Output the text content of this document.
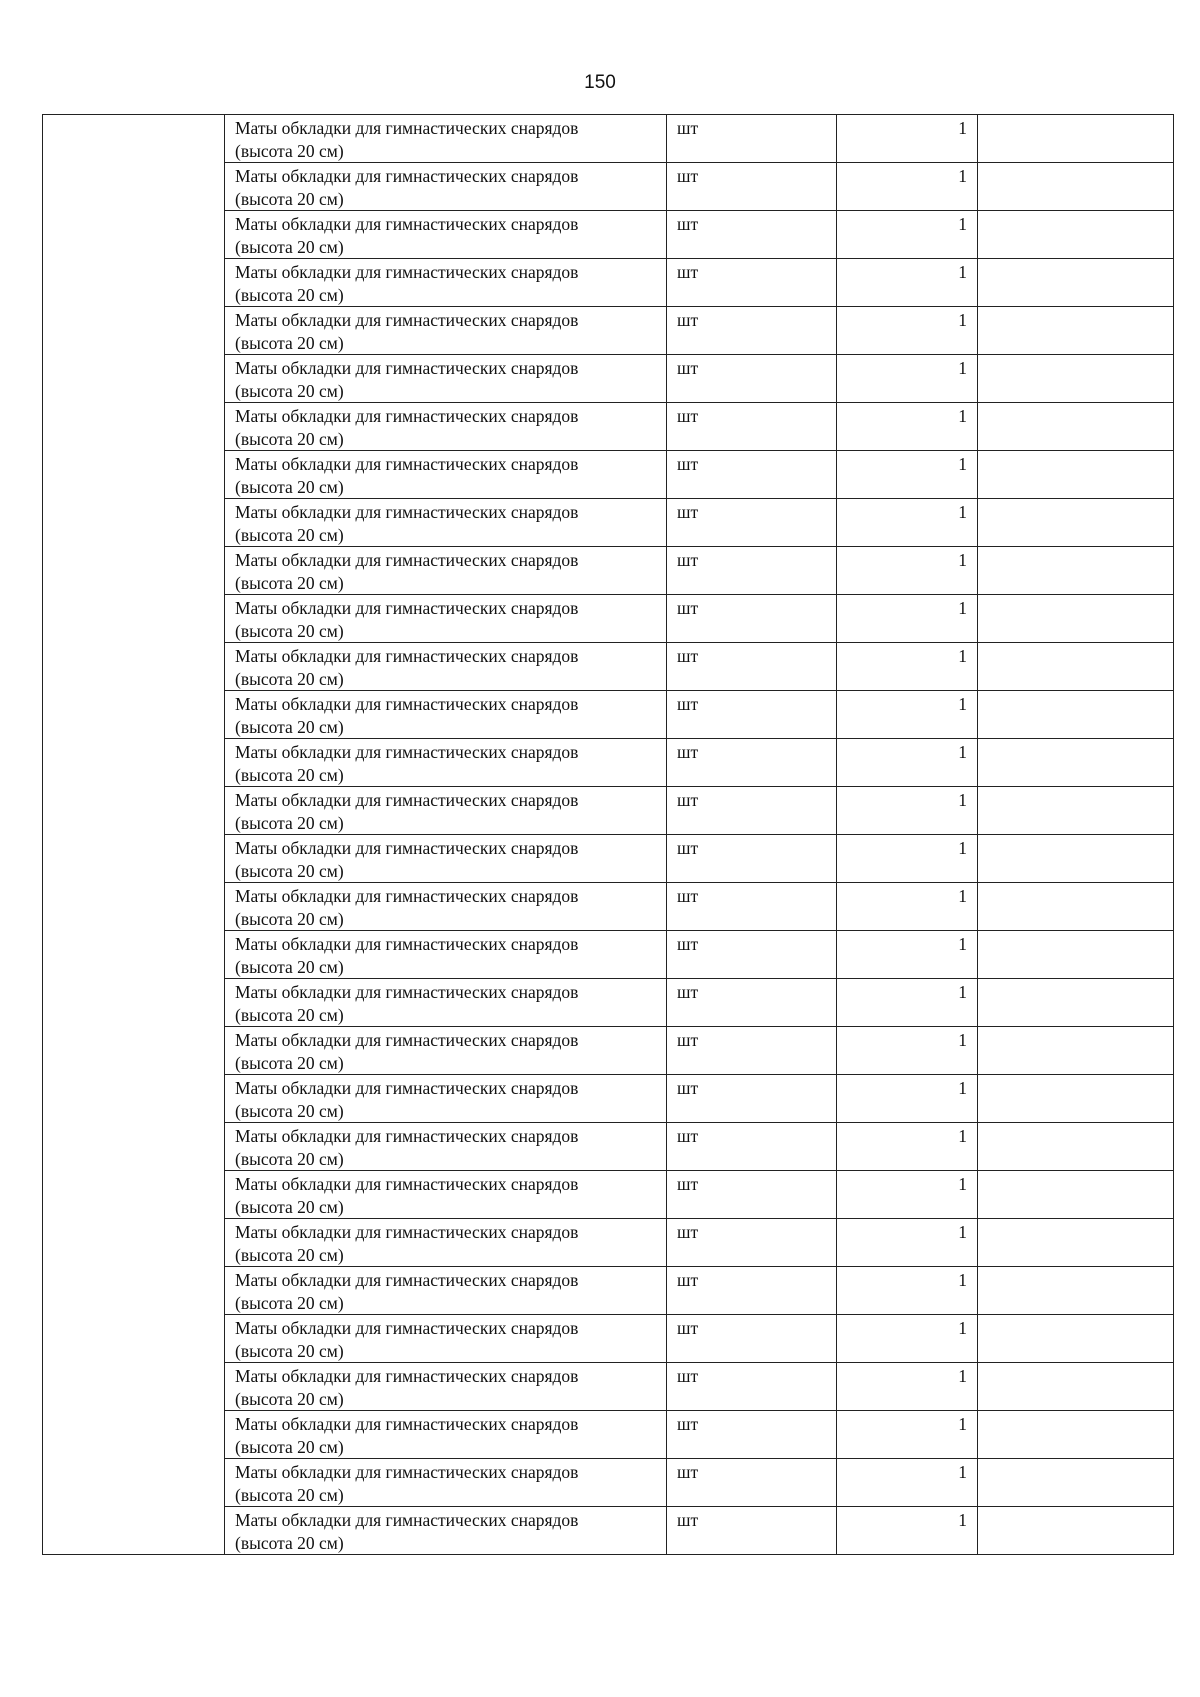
150

	Маты обкладки для гимнастических снарядов
(высота 20 см)	шт	1	

	Маты обкладки для гимнастических снарядов
(высота 20 см)	шт	1	

	Маты обкладки для гимнастических снарядов
(высота 20 см)	шт	1	

	Маты обкладки для гимнастических снарядов
(высота 20 см)	шт	1	

	Маты обкладки для гимнастических снарядов
(высота 20 см)	шт	1	

	Маты обкладки для гимнастических снарядов
(высота 20 см)	шт	1	

	Маты обкладки для гимнастических снарядов
(высота 20 см)	шт	1	

	Маты обкладки для гимнастических снарядов
(высота 20 см)	шт	1	

	Маты обкладки для гимнастических снарядов
(высота 20 см)	шт	1	

	Маты обкладки для гимнастических снарядов
(высота 20 см)	шт	1	

	Маты обкладки для гимнастических снарядов
(высота 20 см)	шт	1	

	Маты обкладки для гимнастических снарядов
(высота 20 см)	шт	1	

	Маты обкладки для гимнастических снарядов
(высота 20 см)	шт	1	

	Маты обкладки для гимнастических снарядов
(высота 20 см)	шт	1	

	Маты обкладки для гимнастических снарядов
(высота 20 см)	шт	1	

	Маты обкладки для гимнастических снарядов
(высота 20 см)	шт	1	

	Маты обкладки для гимнастических снарядов
(высота 20 см)	шт	1	

	Маты обкладки для гимнастических снарядов
(высота 20 см)	шт	1	

	Маты обкладки для гимнастических снарядов
(высота 20 см)	шт	1	

	Маты обкладки для гимнастических снарядов
(высота 20 см)	шт	1	

	Маты обкладки для гимнастических снарядов
(высота 20 см)	шт	1	

	Маты обкладки для гимнастических снарядов
(высота 20 см)	шт	1	

	Маты обкладки для гимнастических снарядов
(высота 20 см)	шт	1	

	Маты обкладки для гимнастических снарядов
(высота 20 см)	шт	1	

	Маты обкладки для гимнастических снарядов
(высота 20 см)	шт	1	

	Маты обкладки для гимнастических снарядов
(высота 20 см)	шт	1	

	Маты обкладки для гимнастических снарядов
(высота 20 см)	шт	1	

	Маты обкладки для гимнастических снарядов
(высота 20 см)	шт	1	

	Маты обкладки для гимнастических снарядов
(высота 20 см)	шт	1	

	Маты обкладки для гимнастических снарядов
(высота 20 см)	шт	1	
